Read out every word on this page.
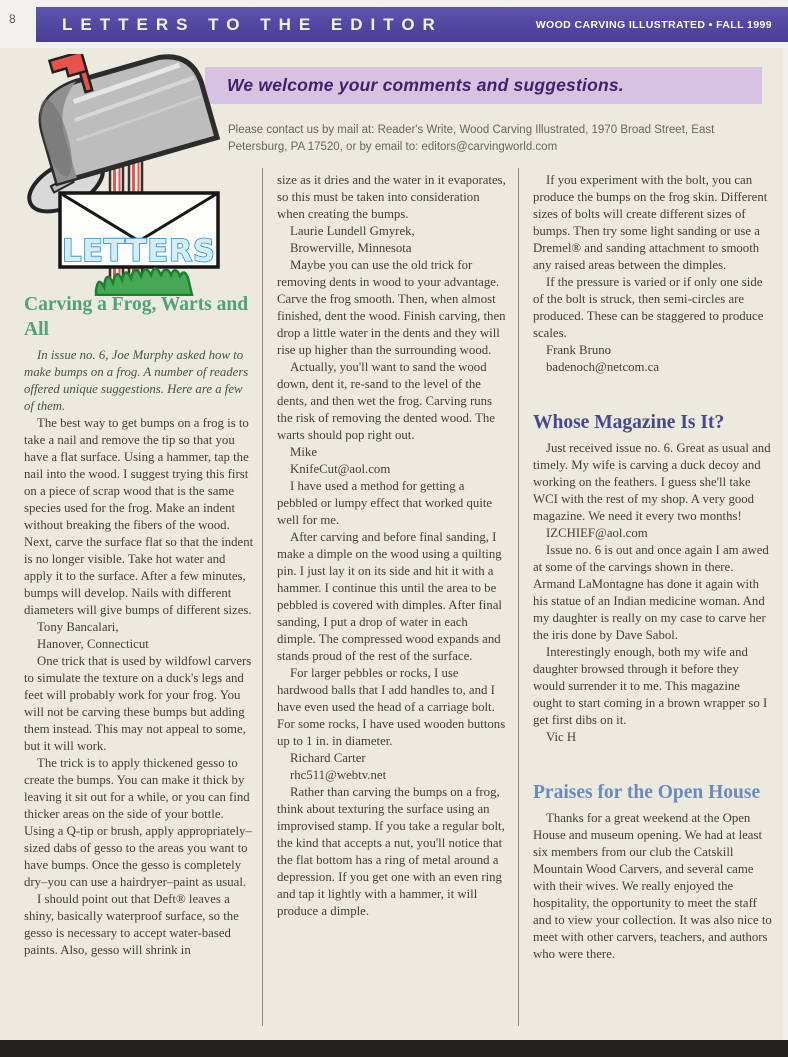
8	LETTERS TO THE EDITOR	WOOD CARVING ILLUSTRATED • FALL 1999
We welcome your comments and suggestions.
Please contact us by mail at: Reader's Write, Wood Carving Illustrated, 1970 Broad Street, East Petersburg, PA 17520, or by email to: editors@carvingworld.com
LETTERS
Carving a Frog, Warts and All

In issue no. 6, Joe Murphy asked how to make bumps on a frog. A number of readers offered unique suggestions. Here are a few of them.

The best way to get bumps on a frog is to take a nail and remove the tip so that you have a flat surface. Using a hammer, tap the nail into the wood. I suggest trying this first on a piece of scrap wood that is the same species used for the frog. Make an indent without breaking the fibers of the wood. Next, carve the surface flat so that the indent is no longer visible. Take hot water and apply it to the surface. After a few minutes, bumps will develop. Nails with different diameters will give bumps of different sizes.

Tony Bancalari,
Hanover, Connecticut

One trick that is used by wildfowl carvers to simulate the texture on a duck's legs and feet will probably work for your frog. You will not be carving these bumps but adding them instead. This may not appeal to some, but it will work.

The trick is to apply thickened gesso to create the bumps. You can make it thick by leaving it sit out for a while, or you can find thicker areas on the side of your bottle. Using a Q-tip or brush, apply appropriately–sized dabs of gesso to the areas you want to have bumps. Once the gesso is completely dry–you can use a hairdryer–paint as usual.

I should point out that Deft® leaves a shiny, basically waterproof surface, so the gesso is necessary to accept water-based paints. Also, gesso will shrink in

size as it dries and the water in it evaporates, so this must be taken into consideration when creating the bumps.

Laurie Lundell Gmyrek,
Browerville, Minnesota

Maybe you can use the old trick for removing dents in wood to your advantage. Carve the frog smooth. Then, when almost finished, dent the wood. Finish carving, then drop a little water in the dents and they will rise up higher than the surrounding wood.

Actually, you'll want to sand the wood down, dent it, re-sand to the level of the dents, and then wet the frog. Carving runs the risk of removing the dented wood. The warts should pop right out.

Mike
KnifeCut@aol.com

I have used a method for getting a pebbled or lumpy effect that worked quite well for me.

After carving and before final sanding, I make a dimple on the wood using a quilting pin. I just lay it on its side and hit it with a hammer. I continue this until the area to be pebbled is covered with dimples. After final sanding, I put a drop of water in each dimple. The compressed wood expands and stands proud of the rest of the surface.

For larger pebbles or rocks, I use hardwood balls that I add handles to, and I have even used the head of a carriage bolt. For some rocks, I have used wooden buttons up to 1 in. in diameter.

Richard Carter
rhc511@webtv.net

Rather than carving the bumps on a frog, think about texturing the surface using an improvised stamp. If you take a regular bolt, the kind that accepts a nut, you'll notice that the flat bottom has a ring of metal around a depression. If you get one with an even ring and tap it lightly with a hammer, it will produce a dimple.

If you experiment with the bolt, you can produce the bumps on the frog skin. Different sizes of bolts will create different sizes of bumps. Then try some light sanding or use a Dremel® and sanding attachment to smooth any raised areas between the dimples.

If the pressure is varied or if only one side of the bolt is struck, then semi-circles are produced. These can be staggered to produce scales.

Frank Bruno
badenoch@netcom.ca

Whose Magazine Is It?

Just received issue no. 6. Great as usual and timely. My wife is carving a duck decoy and working on the feathers. I guess she'll take WCI with the rest of my shop. A very good magazine. We need it every two months!

IZCHIEF@aol.com

Issue no. 6 is out and once again I am awed at some of the carvings shown in there. Armand LaMontagne has done it again with his statue of an Indian medicine woman. And my daughter is really on my case to carve her the iris done by Dave Sabol.

Interestingly enough, both my wife and daughter browsed through it before they would surrender it to me. This magazine ought to start coming in a brown wrapper so I get first dibs on it.

Vic H

Praises for the Open House

Thanks for a great weekend at the Open House and museum opening. We had at least six members from our club the Catskill Mountain Wood Carvers, and several came with their wives. We really enjoyed the hospitality, the opportunity to meet the staff and to view your collection. It was also nice to meet with other carvers, teachers, and authors who were there.
